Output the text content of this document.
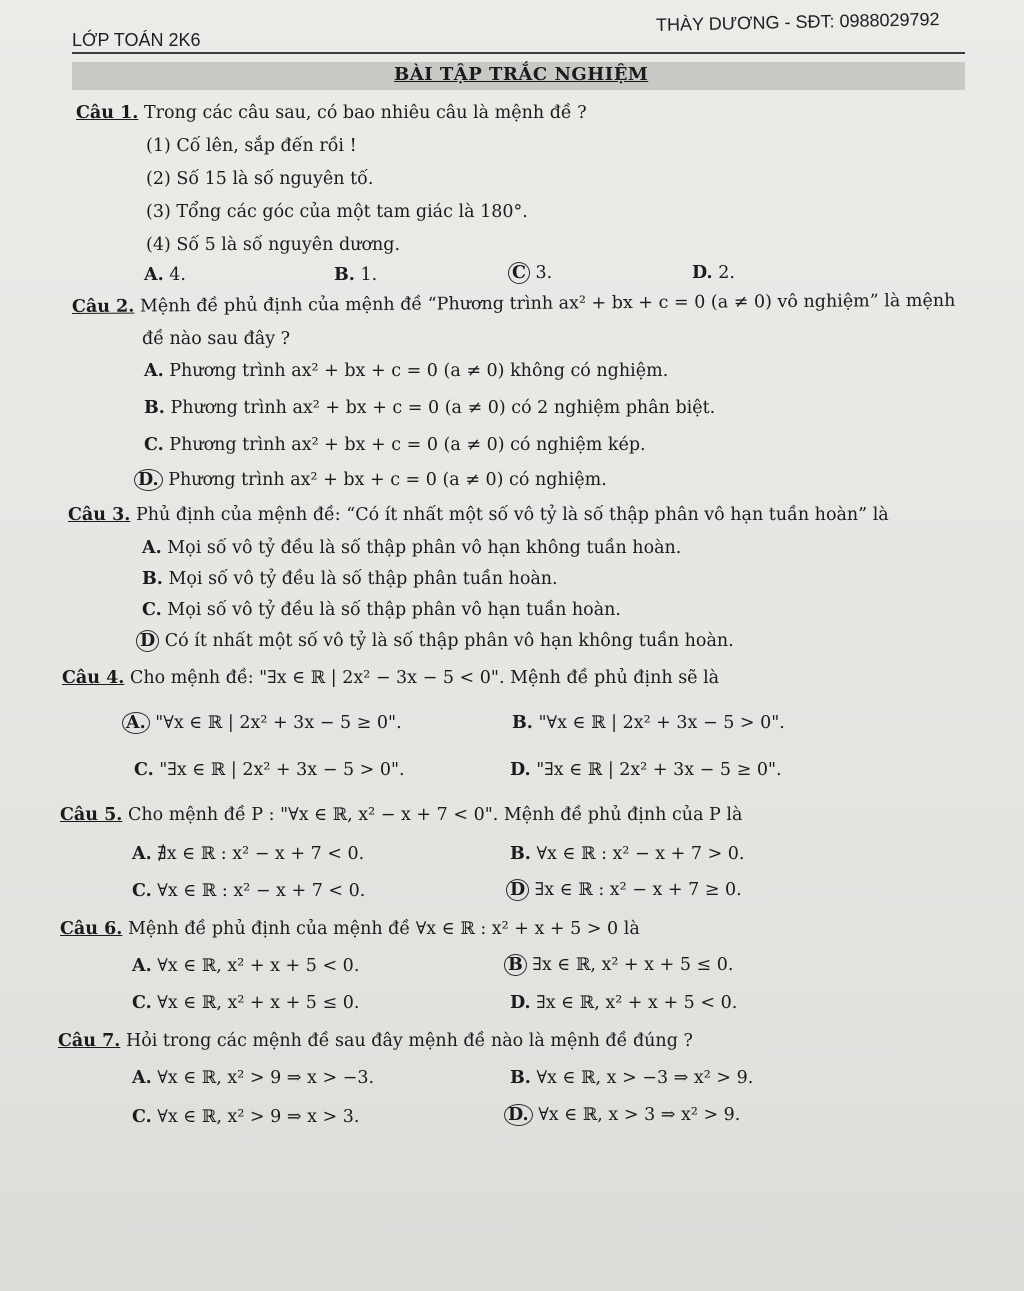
LỚP TOÁN 2K6
THÀY DƯƠNG - SĐT: 0988029792
BÀI TẬP TRẮC NGHIỆM
Câu 1. Trong các câu sau, có bao nhiêu câu là mệnh đề ?
(1) Cố lên, sắp đến rồi !
(2) Số 15 là số nguyên tố.
(3) Tổng các góc của một tam giác là 180°.
(4) Số 5 là số nguyên dương.
A. 4.	B. 1.	C 3.	D. 2.
Câu 2. Mệnh đề phủ định của mệnh đề “Phương trình ax² + bx + c = 0 (a ≠ 0) vô nghiệm” là mệnh
đề nào sau đây ?
A. Phương trình ax² + bx + c = 0 (a ≠ 0) không có nghiệm.
B. Phương trình ax² + bx + c = 0 (a ≠ 0) có 2 nghiệm phân biệt.
C. Phương trình ax² + bx + c = 0 (a ≠ 0) có nghiệm kép.
D. Phương trình ax² + bx + c = 0 (a ≠ 0) có nghiệm.
Câu 3. Phủ định của mệnh đề: “Có ít nhất một số vô tỷ là số thập phân vô hạn tuần hoàn” là
A. Mọi số vô tỷ đều là số thập phân vô hạn không tuần hoàn.
B. Mọi số vô tỷ đều là số thập phân tuần hoàn.
C. Mọi số vô tỷ đều là số thập phân vô hạn tuần hoàn.
D Có ít nhất một số vô tỷ là số thập phân vô hạn không tuần hoàn.
Câu 4. Cho mệnh đề: "∃x ∈ ℝ | 2x² − 3x − 5 < 0". Mệnh đề phủ định sẽ là
A. "∀x ∈ ℝ | 2x² + 3x − 5 ≥ 0".	B. "∀x ∈ ℝ | 2x² + 3x − 5 > 0".
C. "∃x ∈ ℝ | 2x² + 3x − 5 > 0".	D. "∃x ∈ ℝ | 2x² + 3x − 5 ≥ 0".
Câu 5. Cho mệnh đề P : "∀x ∈ ℝ, x² − x + 7 < 0". Mệnh đề phủ định của P là
A. ∄x ∈ ℝ : x² − x + 7 < 0.	B. ∀x ∈ ℝ : x² − x + 7 > 0.
C. ∀x ∈ ℝ : x² − x + 7 < 0.	D ∃x ∈ ℝ : x² − x + 7 ≥ 0.
Câu 6. Mệnh đề phủ định của mệnh đề ∀x ∈ ℝ : x² + x + 5 > 0 là
A. ∀x ∈ ℝ, x² + x + 5 < 0.	B ∃x ∈ ℝ, x² + x + 5 ≤ 0.
C. ∀x ∈ ℝ, x² + x + 5 ≤ 0.	D. ∃x ∈ ℝ, x² + x + 5 < 0.
Câu 7. Hỏi trong các mệnh đề sau đây mệnh đề nào là mệnh đề đúng ?
A. ∀x ∈ ℝ, x² > 9 ⇒ x > −3.	B. ∀x ∈ ℝ, x > −3 ⇒ x² > 9.
C. ∀x ∈ ℝ, x² > 9 ⇒ x > 3.	D. ∀x ∈ ℝ, x > 3 ⇒ x² > 9.
